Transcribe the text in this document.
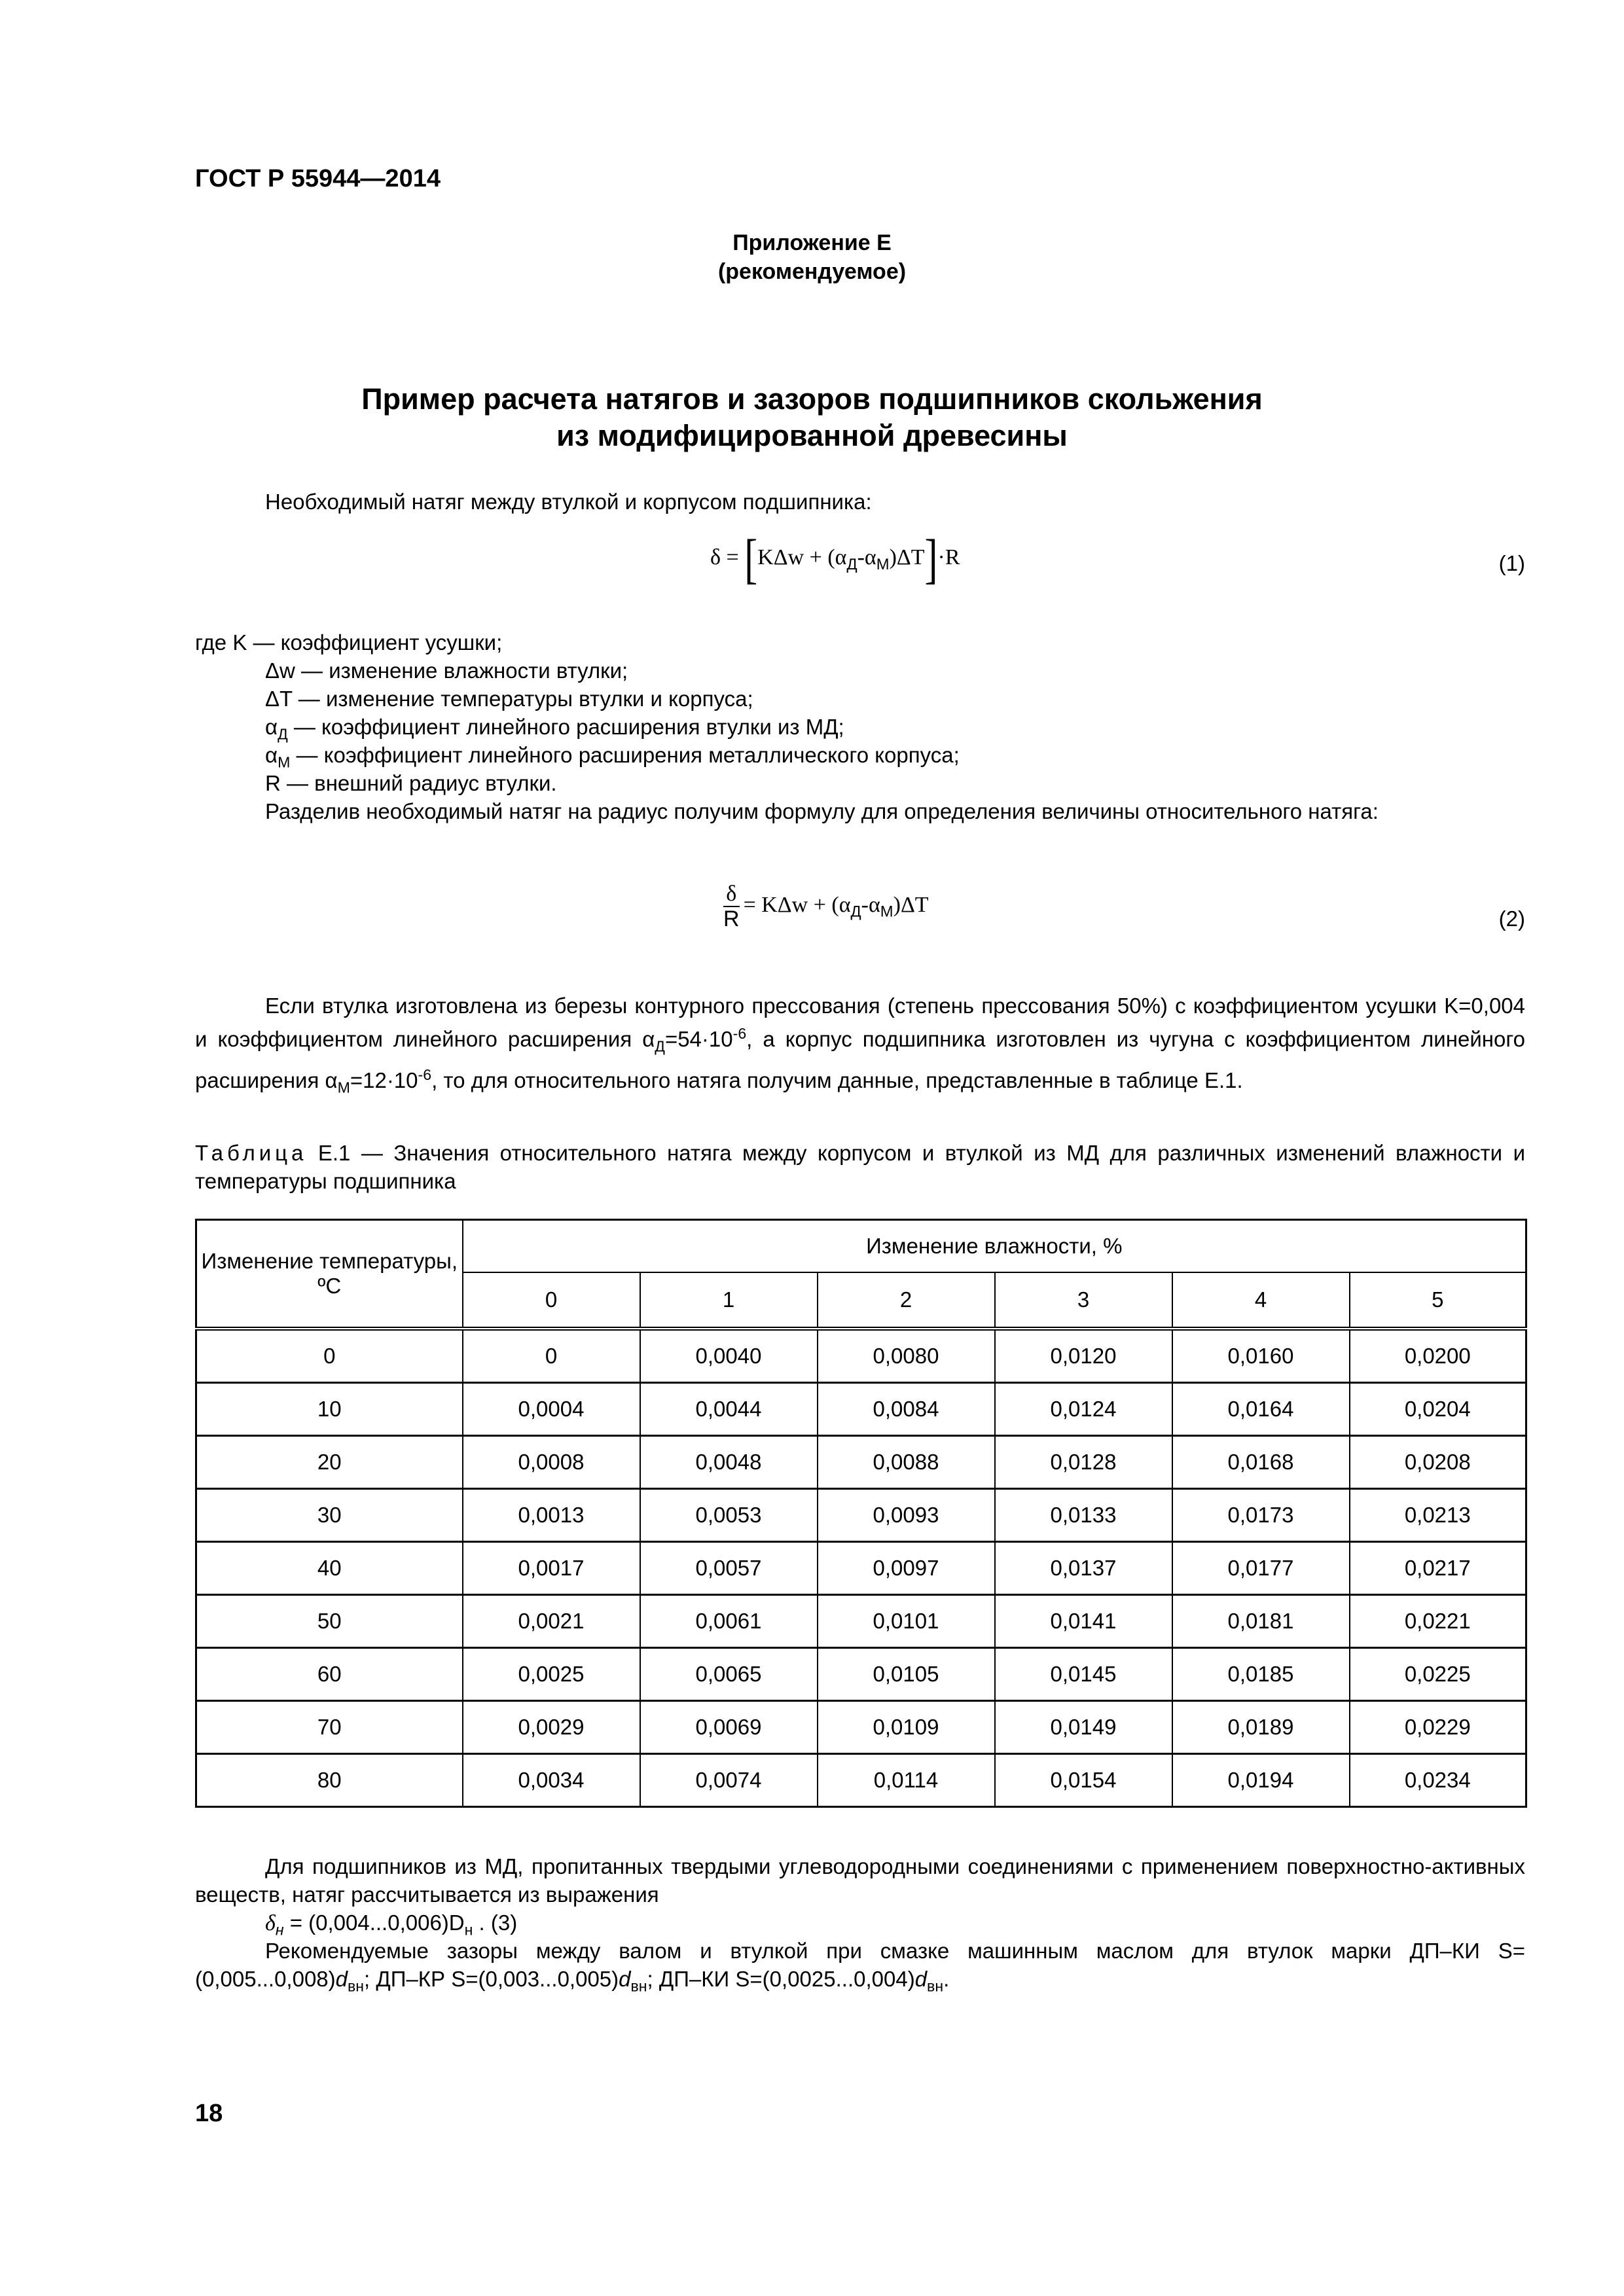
ГОСТ Р 55944—2014
Приложение Е
(рекомендуемое)
Пример расчета натягов и зазоров подшипников скольжения
из модифицированной древесины
Необходимый натяг между втулкой и корпусом подшипника:
$\delta = [K\Delta w + (\alpha_Д-\alpha_М)\Delta T]\cdot R$	(1)
где K — коэффициент усушки;
Δw — изменение влажности втулки;
ΔT — изменение температуры втулки и корпуса;
$\alpha_Д$ — коэффициент линейного расширения втулки из МД;
$\alpha_М$ — коэффициент линейного расширения металлического корпуса;
R — внешний радиус втулки.
Разделив необходимый натяг на радиус получим формулу для определения величины относительного натяга:
$\frac{\delta}{R} = K\Delta w + (\alpha_Д-\alpha_М)\Delta T$
(2)
Если втулка изготовлена из березы контурного прессования (степень прессования 50%) с коэффициентом усушки K=0,004 и коэффициентом линейного расширения $\alpha_Д=54\cdot 10^{-6}$, а корпус подшипника изготовлен из чугуна с коэффициентом линейного расширения $\alpha_М=12\cdot 10^{-6}$, то для относительного натяга получим данные, представленные в таблице Е.1.
Таблица Е.1 — Значения относительного натяга между корпусом и втулкой из МД для различных изменений влажности и температуры подшипника
Изменение температуры, ºС	Изменение влажности, %					
	0	1	2	3	4	5
0	0	0,0040	0,0080	0,0120	0,0160	0,0200
10	0,0004	0,0044	0,0084	0,0124	0,0164	0,0204
20	0,0008	0,0048	0,0088	0,0128	0,0168	0,0208
30	0,0013	0,0053	0,0093	0,0133	0,0173	0,0213
40	0,0017	0,0057	0,0097	0,0137	0,0177	0,0217
50	0,0021	0,0061	0,0101	0,0141	0,0181	0,0221
60	0,0025	0,0065	0,0105	0,0145	0,0185	0,0225
70	0,0029	0,0069	0,0109	0,0149	0,0189	0,0229
80	0,0034	0,0074	0,0114	0,0154	0,0194	0,0234
Для подшипников из МД, пропитанных твердыми углеводородными соединениями с применением поверхностно-активных веществ, натяг рассчитывается из выражения
$\delta_н = (0,004...0,006)D_н$ . (3)
Рекомендуемые зазоры между валом и втулкой при смазке машинным маслом для втулок марки ДП–КИ $S=(0,005...0,008)d_{вн}$; ДП–КР $S=(0,003...0,005)d_{вн}$; ДП–КИ $S=(0,0025...0,004)d_{вн}$.
18
